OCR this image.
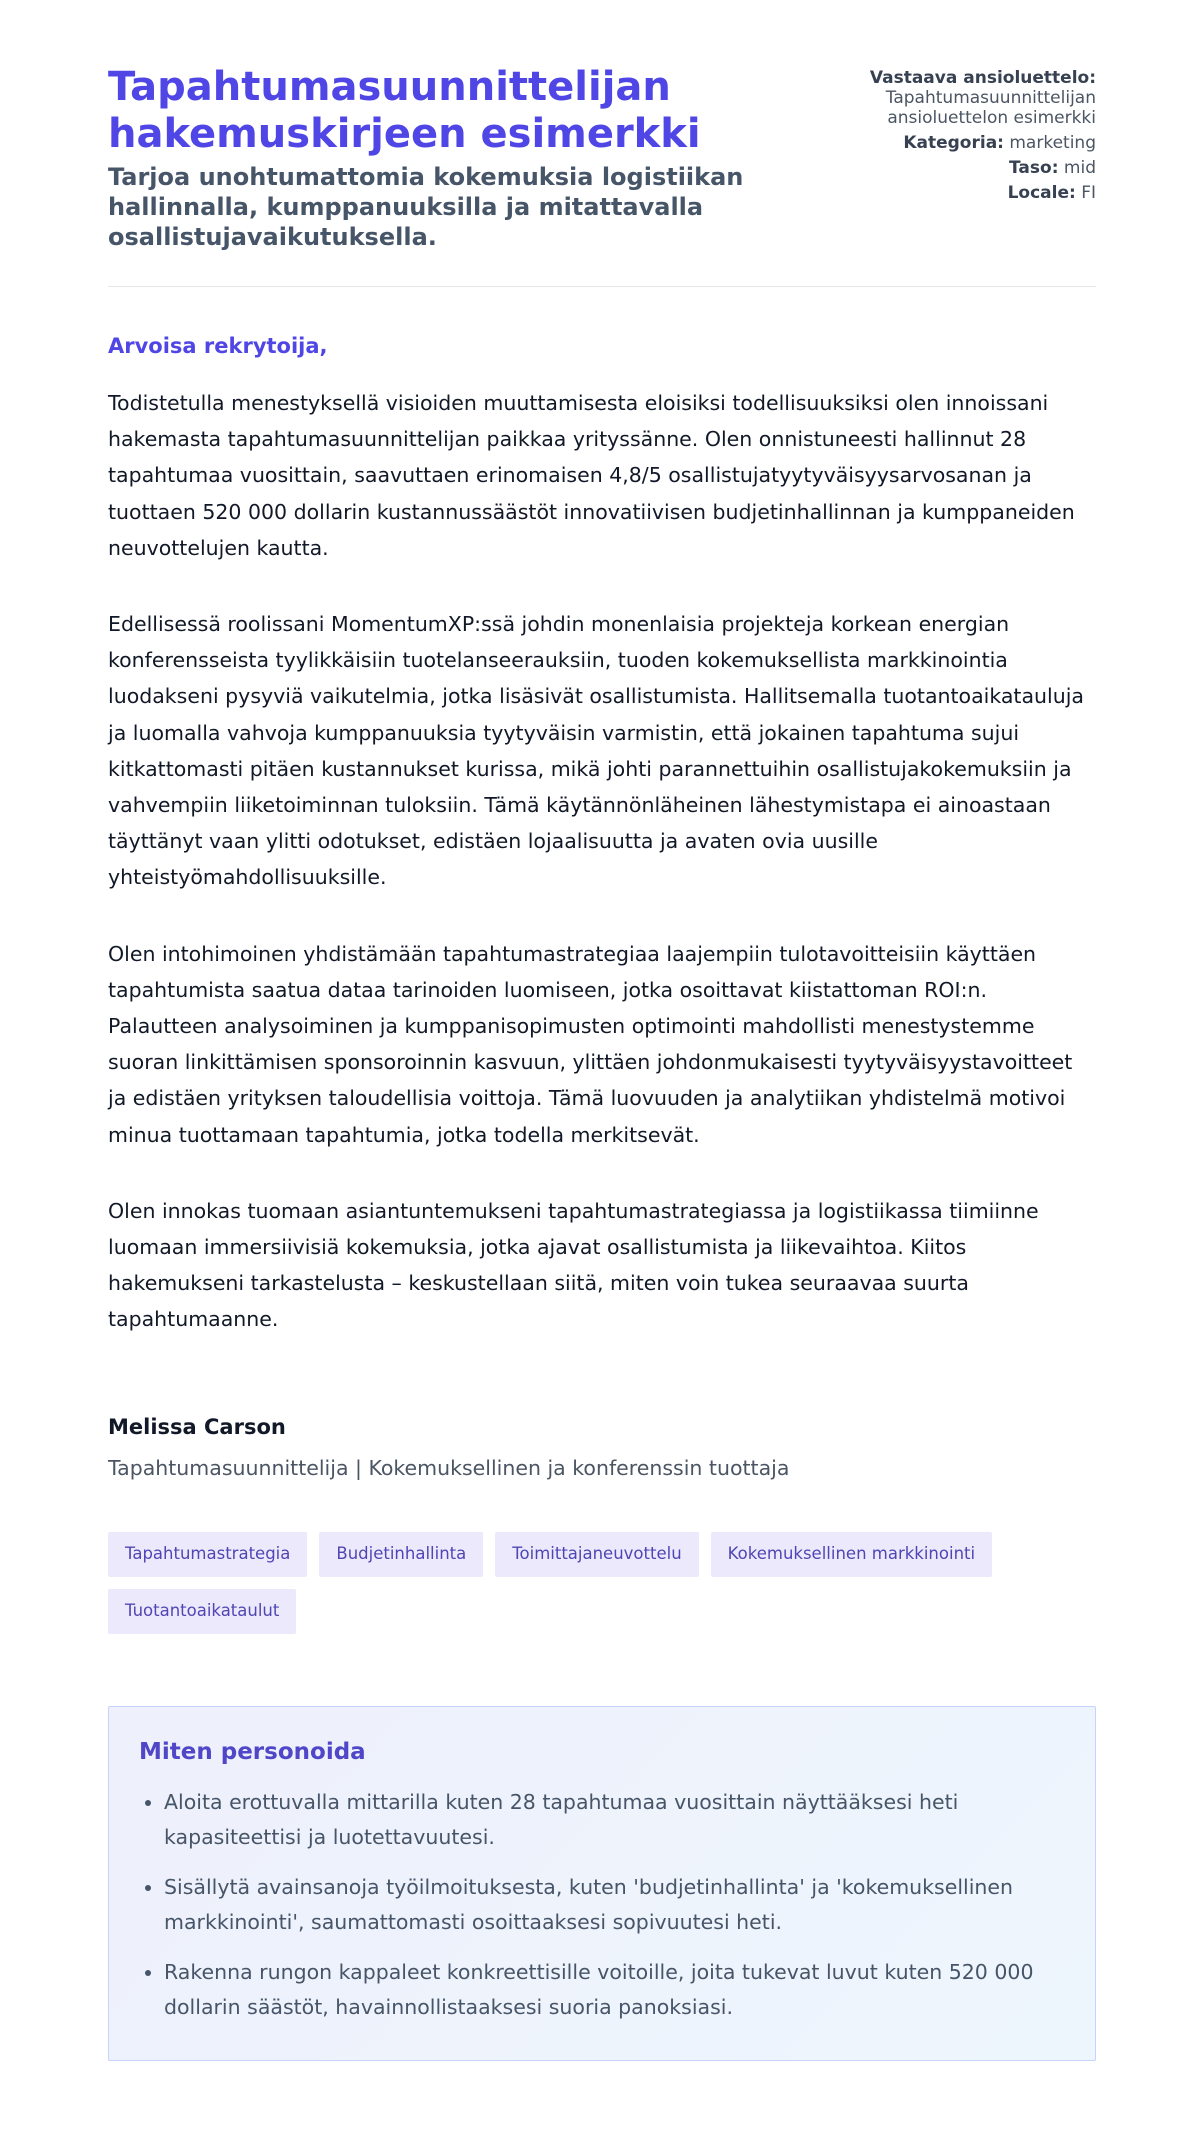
Tapahtumasuunnittelijan hakemuskirjeen esimerkki
Tarjoa unohtumattomia kokemuksia logistiikan hallinnalla, kumppanuuksilla ja mitattavalla osallistujavaikutuksella.
Vastaava ansioluettelo:
Tapahtumasuunnittelijan ansioluettelon esimerkki
Kategoria: marketing
Taso: mid
Locale: FI

Arvoisa rekrytoija,

Todistetulla menestyksellä visioiden muuttamisesta eloisiksi todellisuuksiksi olen innoissani hakemasta tapahtumasuunnittelijan paikkaa yrityssänne. Olen onnistuneesti hallinnut 28 tapahtumaa vuosittain, saavuttaen erinomaisen 4,8/5 osallistujatyytyväisyysarvosanan ja tuottaen 520 000 dollarin kustannussäästöt innovatiivisen budjetinhallinnan ja kumppaneiden neuvottelujen kautta.

Edellisessä roolissani MomentumXP:ssä johdin monenlaisia projekteja korkean energian konferensseista tyylikkäisiin tuotelanseerauksiin, tuoden kokemuksellista markkinointia luodakseni pysyviä vaikutelmia, jotka lisäsivät osallistumista. Hallitsemalla tuotantoaikatauluja ja luomalla vahvoja kumppanuuksia tyytyväisin varmistin, että jokainen tapahtuma sujui kitkattomasti pitäen kustannukset kurissa, mikä johti parannettuihin osallistujakokemuksiin ja vahvempiin liiketoiminnan tuloksiin. Tämä käytännönläheinen lähestymistapa ei ainoastaan täyttänyt vaan ylitti odotukset, edistäen lojaalisuutta ja avaten ovia uusille yhteistyömahdollisuuksille.

Olen intohimoinen yhdistämään tapahtumastrategiaa laajempiin tulotavoitteisiin käyttäen tapahtumista saatua dataa tarinoiden luomiseen, jotka osoittavat kiistattoman ROI:n. Palautteen analysoiminen ja kumppanisopimusten optimointi mahdollisti menestystemme suoran linkittämisen sponsoroinnin kasvuun, ylittäen johdonmukaisesti tyytyväisyystavoitteet ja edistäen yrityksen taloudellisia voittoja. Tämä luovuuden ja analytiikan yhdistelmä motivoi minua tuottamaan tapahtumia, jotka todella merkitsevät.

Olen innokas tuomaan asiantuntemukseni tapahtumastrategiassa ja logistiikassa tiimiinne luomaan immersiivisiä kokemuksia, jotka ajavat osallistumista ja liikevaihtoa. Kiitos hakemukseni tarkastelusta – keskustellaan siitä, miten voin tukea seuraavaa suurta tapahtumaanne.

Melissa Carson

Tapahtumasuunnittelija | Kokemuksellinen ja konferenssin tuottaja

Tapahtumastrategia	Budjetinhallinta	Toimittajaneuvottelu	Kokemuksellinen markkinointi
Tuotantoaikataulut
Miten personoida
• Aloita erottuvalla mittarilla kuten 28 tapahtumaa vuosittain näyttääksesi heti kapasiteettisi ja luotettavuutesi.
• Sisällytä avainsanoja työilmoituksesta, kuten 'budjetinhallinta' ja 'kokemuksellinen markkinointi', saumattomasti osoittaaksesi sopivuutesi heti.
• Rakenna rungon kappaleet konkreettisille voitoille, joita tukevat luvut kuten 520 000 dollarin säästöt, havainnollistaaksesi suoria panoksiasi.
